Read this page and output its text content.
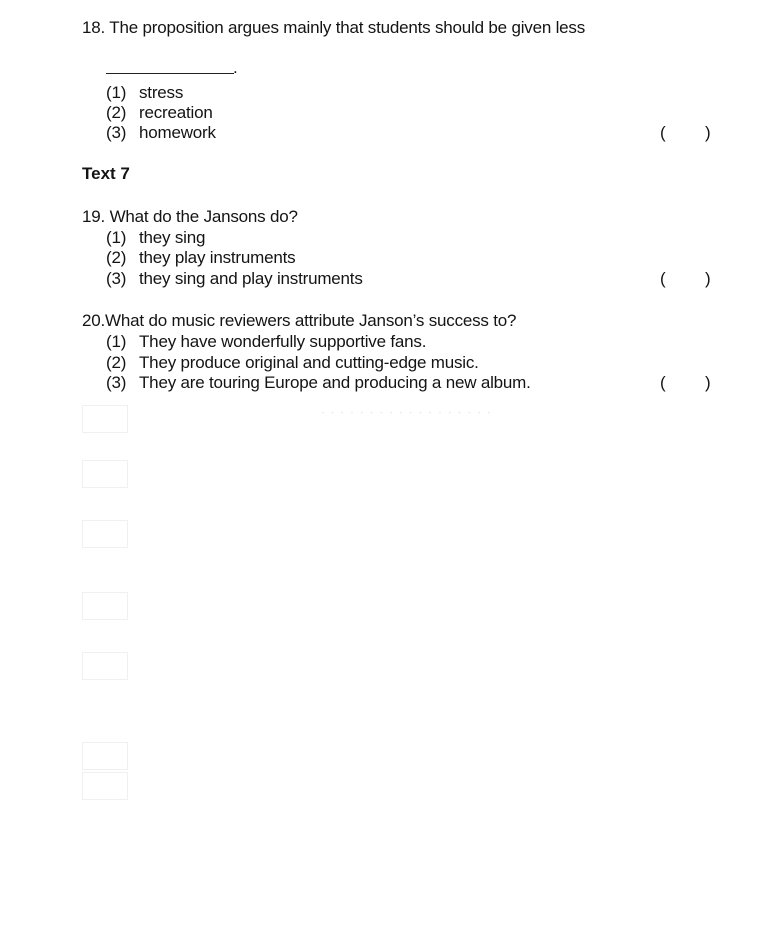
· · · · · · · · · · · · · · · · · ·
18. The proposition argues mainly that students should be given less
.
(1) stress
(2) recreation
(3) homework	( )
Text 7
19. What do the Jansons do?
(1) they sing
(2) they play instruments
(3) they sing and play instruments	( )
20.What do music reviewers attribute Janson’s success to?
(1) They have wonderfully supportive fans.
(2) They produce original and cutting-edge music.
(3) They are touring Europe and producing a new album.	( )
